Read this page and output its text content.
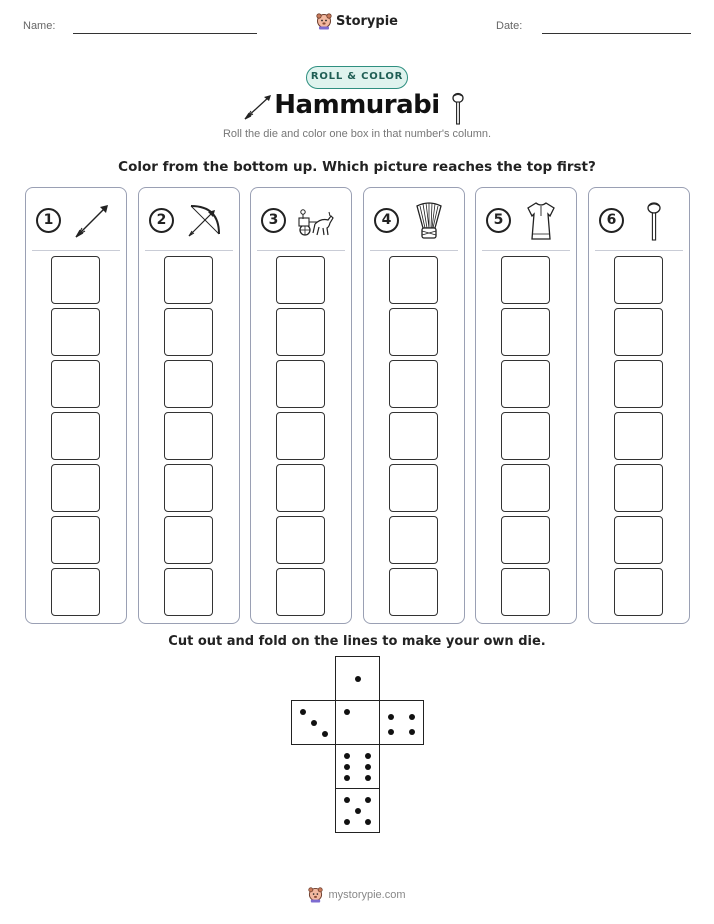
Name:	Storypie	Date:
ROLL & COLOR
Hammurabi
Roll the die and color one box in that number's column.
Color from the bottom up. Which picture reaches the top first?
1	2	3	4	5	6
Cut out and fold on the lines to make your own die.
mystorypie.com
